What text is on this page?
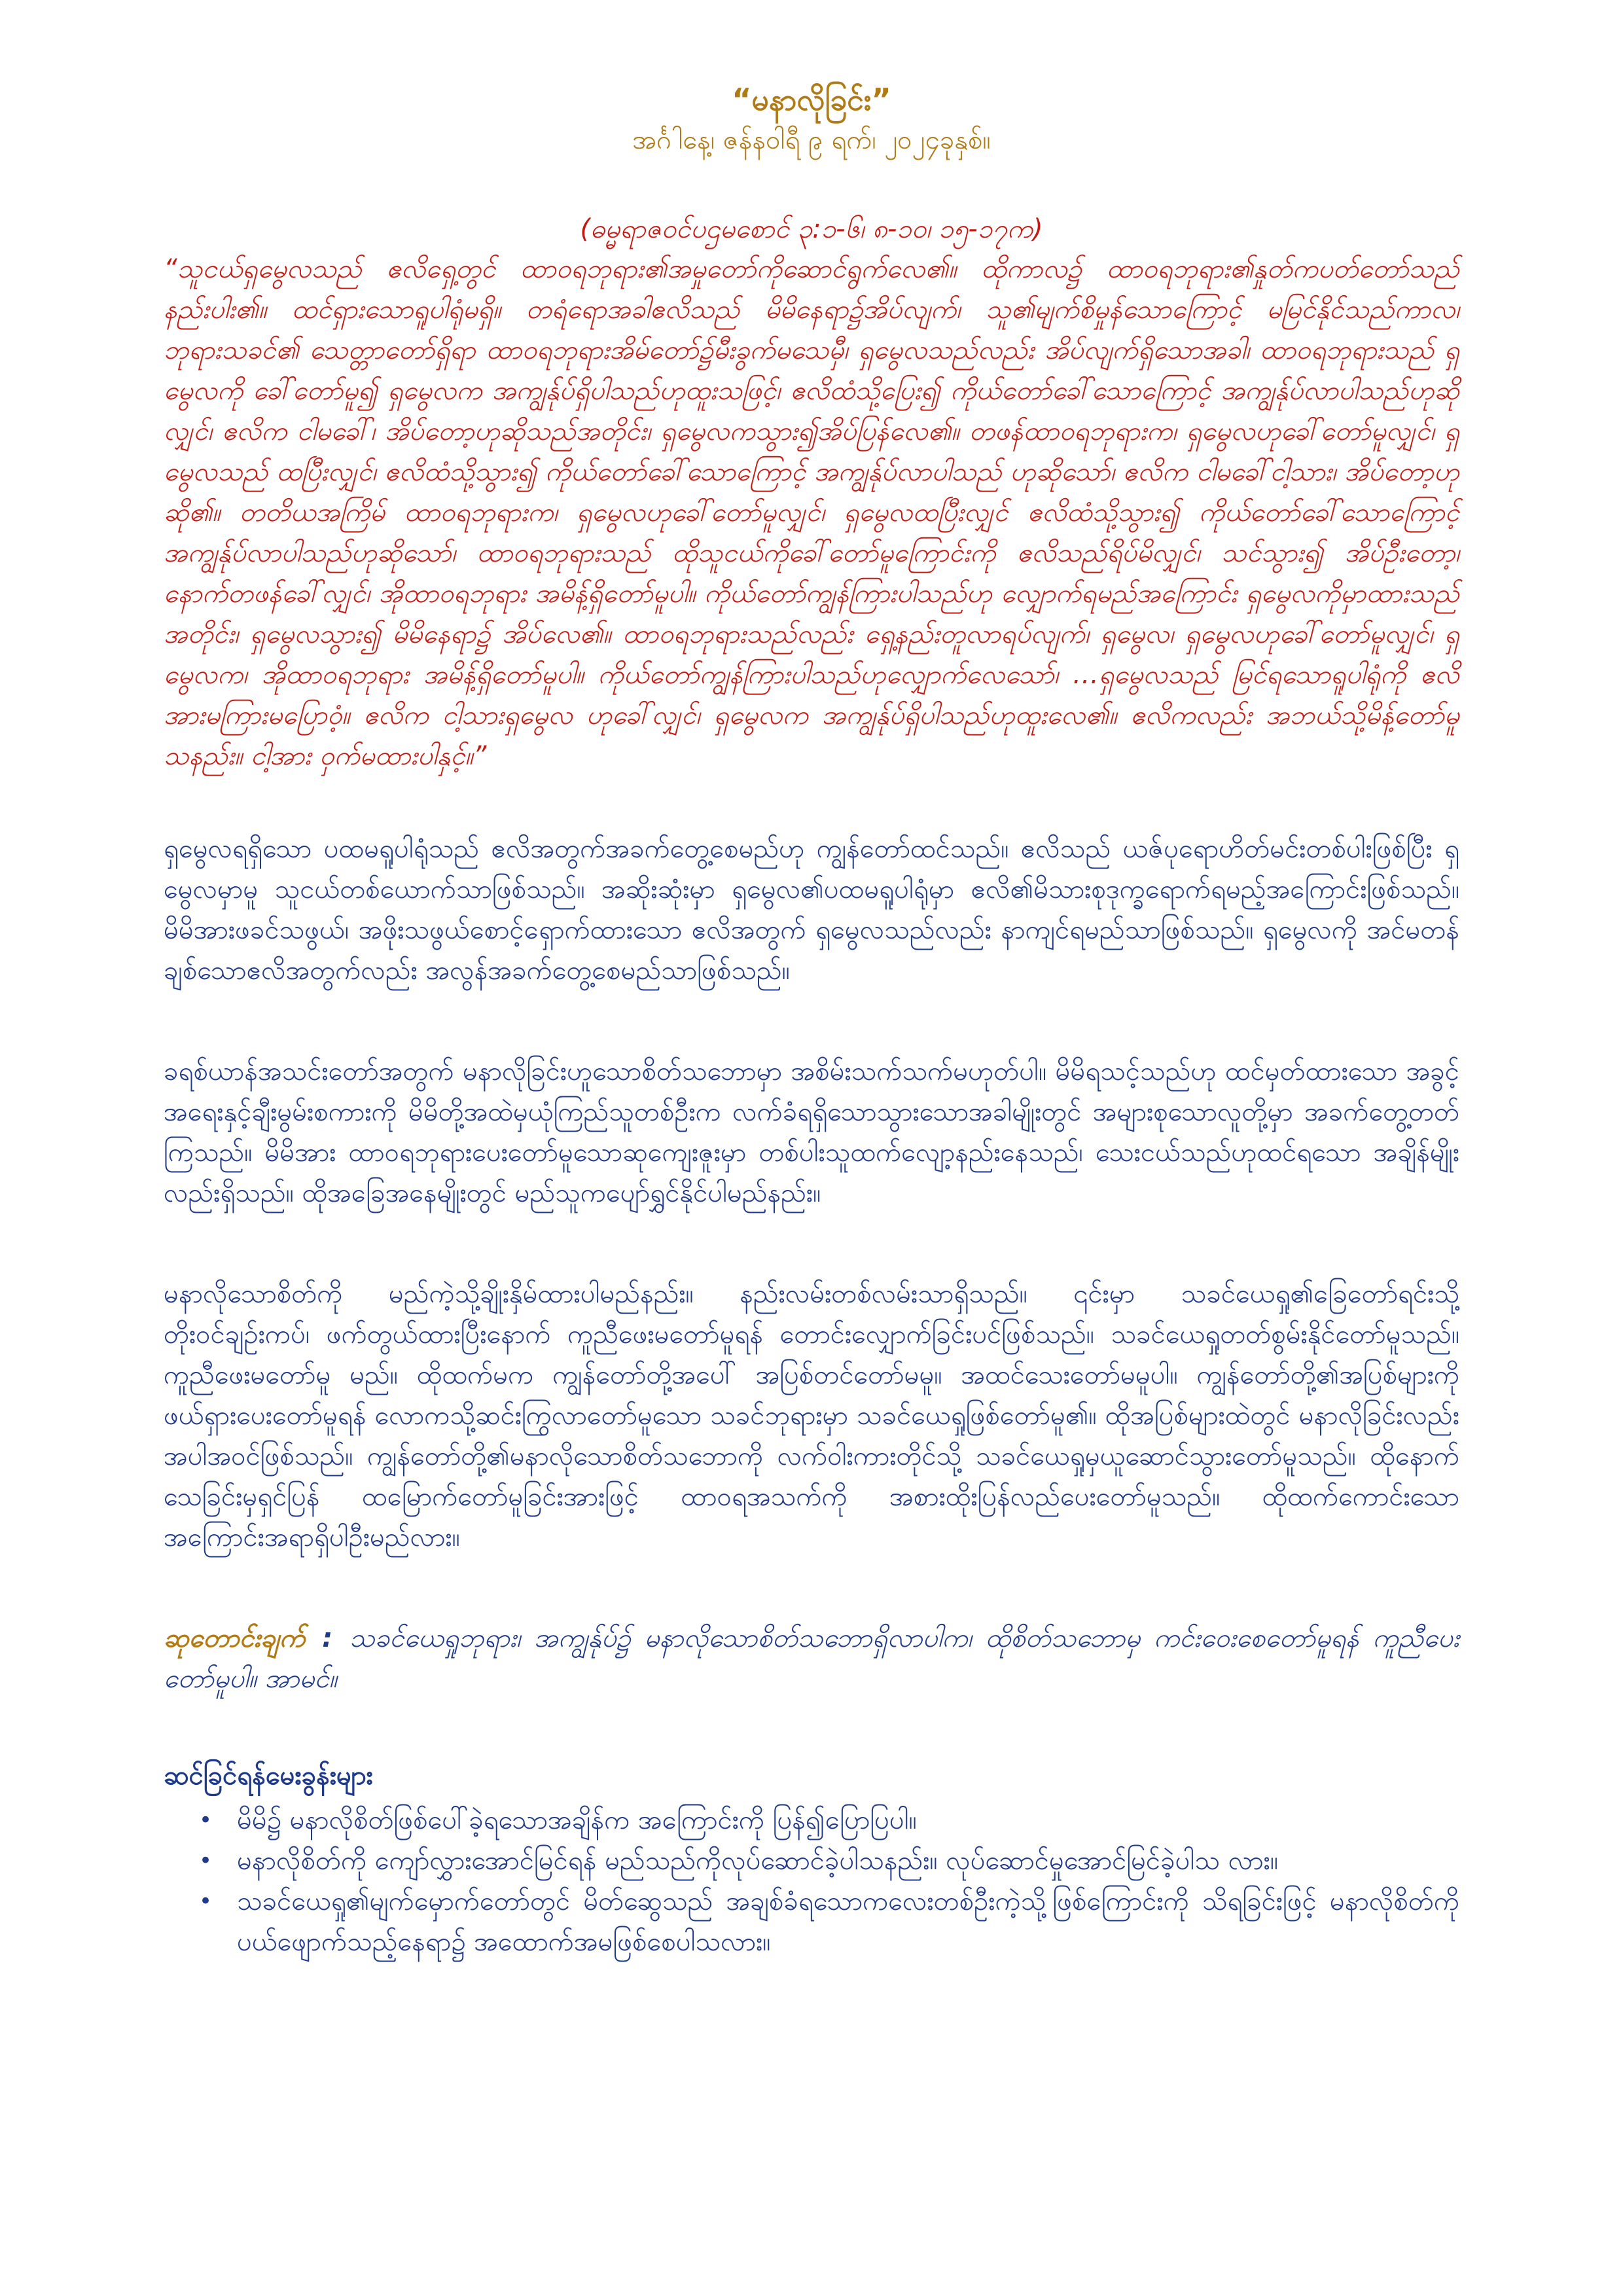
“မနာလိုခြင်း”

အင်္ဂါနေ့၊ ဇန်နဝါရီ ၉ ရက်၊ ၂၀၂၄ခုနှစ်။

(ဓမ္မရာဇဝင်ပဌမစောင် ၃:၁-၆၊ ၈-၁၀၊ ၁၅-၁၇က)

“သူငယ်ရှမွေလသည် ဧလိရှေ့တွင် ထာဝရဘုရား၏အမှုတော်ကိုဆောင်ရွက်လေ၏။ ထိုကာလ၌ ထာဝရဘုရား၏နှုတ်ကပတ်တော်သည် နည်းပါး၏။ ထင်ရှားသောရူပါရုံမရှိ။ တရံရောအခါဧလိသည် မိမိနေရာ၌အိပ်လျက်၊ သူ၏မျက်စိမှုန်သောကြောင့် မမြင်နိုင်သည်ကာလ၊ ဘုရားသခင်၏ သေတ္တာတော်ရှိရာ ထာဝရဘုရားအိမ်တော်၌မီးခွက်မသေမှီ၊ ရှမွေလသည်လည်း အိပ်လျက်ရှိသောအခါ၊ ထာဝရဘုရားသည် ရှမွေလကို ခေါ်တော်မူ၍ ရှမွေလက အကျွန်ုပ်ရှိပါသည်ဟုထူးသဖြင့်၊ ဧလိထံသို့ပြေး၍ ကိုယ်တော်ခေါ်သောကြောင့် အကျွန်ုပ်လာပါသည်ဟုဆိုလျှင်၊ ဧလိက ငါမခေါ်၊ အိပ်တော့ဟုဆိုသည်အတိုင်း၊ ရှမွေလကသွား၍အိပ်ပြန်လေ၏။ တဖန်ထာဝရဘုရားက၊ ရှမွေလဟုခေါ်တော်မူလျှင်၊ ရှမွေလသည် ထပြီးလျှင်၊ ဧလိထံသို့သွား၍ ကိုယ်တော်ခေါ်သောကြောင့် အကျွန်ုပ်လာပါသည် ဟုဆိုသော်၊ ဧလိက ငါမခေါ်ငါ့သား၊ အိပ်တော့ဟုဆို၏။ တတိယအကြိမ် ထာဝရဘုရားက၊ ရှမွေလဟုခေါ်တော်မူလျှင်၊ ရှမွေလထပြီးလျှင် ဧလိထံသို့သွား၍ ကိုယ်တော်ခေါ်သောကြောင့် အကျွန်ုပ်လာပါသည်ဟုဆိုသော်၊ ထာဝရဘုရားသည် ထိုသူငယ်ကိုခေါ်တော်မူကြောင်းကို ဧလိသည်ရိပ်မိလျှင်၊ သင်သွား၍ အိပ်ဦးတော့၊ နောက်တဖန်ခေါ်လျှင်၊ အိုထာဝရဘုရား အမိန့်ရှိတော်မူပါ။ ကိုယ်တော်ကျွန်ကြားပါသည်ဟု လျှောက်ရမည်အကြောင်း ရှမွေလကိုမှာထားသည်အတိုင်း၊ ရှမွေလသွား၍ မိမိနေရာ၌ အိပ်လေ၏။ ထာဝရဘုရားသည်လည်း ရှေ့နည်းတူလာရပ်လျက်၊ ရှမွေလ၊ ရှမွေလဟုခေါ်တော်မူလျှင်၊ ရှမွေလက၊ အိုထာဝရဘုရား အမိန့်ရှိတော်မူပါ။ ကိုယ်တော်ကျွန်ကြားပါသည်ဟုလျှောက်လေသော်၊ …ရှမွေလသည် မြင်ရသောရူပါရုံကို ဧလိအားမကြားမပြောဝံ့။ ဧလိက ငါ့သားရှမွေလ ဟုခေါ်လျှင်၊ ရှမွေလက အကျွန်ုပ်ရှိပါသည်ဟုထူးလေ၏။ ဧလိကလည်း အဘယ်သို့မိန့်တော်မူသနည်း။ ငါ့အား ဝှက်မထားပါနှင့်။”

ရှမွေလရရှိသော ပထမရူပါရုံသည် ဧလိအတွက်အခက်တွေ့စေမည်ဟု ကျွန်တော်ထင်သည်။ ဧလိသည် ယဇ်ပုရောဟိတ်မင်းတစ်ပါးဖြစ်ပြီး ရှမွေလမှာမူ သူငယ်တစ်ယောက်သာဖြစ်သည်။ အဆိုးဆုံးမှာ ရှမွေလ၏ပထမရူပါရုံမှာ ဧလိ၏မိသားစုဒုက္ခရောက်ရမည့်အကြောင်းဖြစ်သည်။ မိမိအားဖခင်သဖွယ်၊ အဖိုးသဖွယ်စောင့်ရှောက်ထားသော ဧလိအတွက် ရှမွေလသည်လည်း နာကျင်ရမည်သာဖြစ်သည်။ ရှမွေလကို အင်မတန် ချစ်သောဧလိအတွက်လည်း အလွန်အခက်တွေ့စေမည်သာဖြစ်သည်။

ခရစ်ယာန်အသင်းတော်အတွက် မနာလိုခြင်းဟူသောစိတ်သဘောမှာ အစိမ်းသက်သက်မဟုတ်ပါ။ မိမိရသင့်သည်ဟု ထင်မှတ်ထားသော အခွင့် အရေးနှင့်ချီးမွမ်းစကားကို မိမိတို့အထဲမှယုံကြည်သူတစ်ဦးက လက်ခံရရှိသောသွားသောအခါမျိုးတွင် အများစုသောလူတို့မှာ အခက်တွေ့တတ် ကြသည်။ မိမိအား ထာဝရဘုရားပေးတော်မူသောဆုကျေးဇူးမှာ တစ်ပါးသူထက်လျော့နည်းနေသည်၊ သေးငယ်သည်ဟုထင်ရသော အချိန်မျိုး လည်းရှိသည်။ ထိုအခြေအနေမျိုးတွင် မည်သူကပျော်ရွှင်နိုင်ပါမည်နည်း။

မနာလိုသောစိတ်ကို မည်ကဲ့သို့ချိုးနှိမ်ထားပါမည်နည်း။ နည်းလမ်းတစ်လမ်းသာရှိသည်။ ၎င်းမှာ သခင်ယေရှု၏ခြေတော်ရင်းသို့ တိုးဝင်ချဉ်းကပ်၊ ဖက်တွယ်ထားပြီးနောက် ကူညီဖေးမတော်မူရန် တောင်းလျှောက်ခြင်းပင်ဖြစ်သည်။ သခင်ယေရှုတတ်စွမ်းနိုင်တော်မူသည်။ ကူညီဖေးမတော်မူ မည်။ ထိုထက်မက ကျွန်တော်တို့အပေါ် အပြစ်တင်တော်မမူ။ အထင်သေးတော်မမူပါ။ ကျွန်တော်တို့၏အပြစ်များကို ဖယ်ရှားပေးတော်မူရန် လောကသို့ဆင်းကြွလာတော်မူသော သခင်ဘုရားမှာ သခင်ယေရှုဖြစ်တော်မူ၏။ ထိုအပြစ်များထဲတွင် မနာလိုခြင်းလည်း အပါအဝင်ဖြစ်သည်။ ကျွန်တော်တို့၏မနာလိုသောစိတ်သဘောကို လက်ဝါးကားတိုင်သို့ သခင်ယေရှုမှယူဆောင်သွားတော်မူသည်။ ထိုနောက် သေခြင်းမှရှင်ပြန် ထမြောက်တော်မူခြင်းအားဖြင့် ထာဝရအသက်ကို အစားထိုးပြန်လည်ပေးတော်မူသည်။ ထိုထက်ကောင်းသောအကြောင်းအရာရှိပါဦးမည်လား။

ဆုတောင်းချက် : သခင်ယေရှုဘုရား၊ အကျွန်ုပ်၌ မနာလိုသောစိတ်သဘောရှိလာပါက၊ ထိုစိတ်သဘောမှ ကင်းဝေးစေတော်မူရန် ကူညီပေးတော်မူပါ။ အာမင်။

ဆင်ခြင်ရန်မေးခွန်းများ

• မိမိ၌ မနာလိုစိတ်ဖြစ်ပေါ်ခဲ့ရသောအချိန်က အကြောင်းကို ပြန်၍ပြောပြပါ။
• မနာလိုစိတ်ကို ကျော်လွှားအောင်မြင်ရန် မည်သည်ကိုလုပ်ဆောင်ခဲ့ပါသနည်း။ လုပ်ဆောင်မှုအောင်မြင်ခဲ့ပါသ လား။
• သခင်ယေရှု၏မျက်မှောက်တော်တွင် မိတ်ဆွေသည် အချစ်ခံရသောကလေးတစ်ဦးကဲ့သို့ဖြစ်ကြောင်းကို သိရခြင်းဖြင့် မနာလိုစိတ်ကို ပယ်ဖျောက်သည့်နေရာ၌ အထောက်အမဖြစ်စေပါသလား။
